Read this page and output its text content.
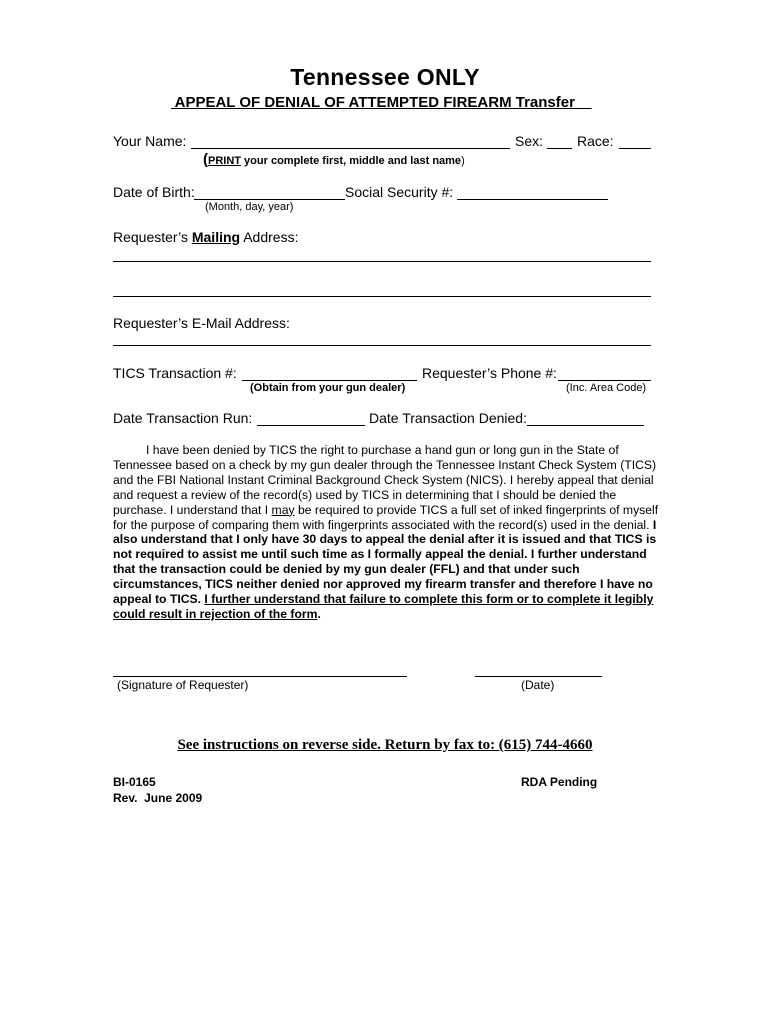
Tennessee ONLY
APPEAL OF DENIAL OF ATTEMPTED FIREARM Transfer
Your Name:	Sex: Race:
(PRINT your complete first, middle and last name)
Date of Birth:	Social Security #:
(Month, day, year)
Requester’s Mailing Address:
Requester’s E-Mail Address:
TICS Transaction #:	Requester’s Phone #:
(Obtain from your gun dealer)	(Inc. Area Code)
Date Transaction Run:	Date Transaction Denied:
I have been denied by TICS the right to purchase a hand gun or long gun in the State of Tennessee based on a check by my gun dealer through the Tennessee Instant Check System (TICS) and the FBI National Instant Criminal Background Check System (NICS). I hereby appeal that denial and request a review of the record(s) used by TICS in determining that I should be denied the purchase. I understand that I may be required to provide TICS a full set of inked fingerprints of myself for the purpose of comparing them with fingerprints associated with the record(s) used in the denial. I also understand that I only have 30 days to appeal the denial after it is issued and that TICS is not required to assist me until such time as I formally appeal the denial. I further understand that the transaction could be denied by my gun dealer (FFL) and that under such circumstances, TICS neither denied nor approved my firearm transfer and therefore I have no appeal to TICS. I further understand that failure to complete this form or to complete it legibly could result in rejection of the form.
(Signature of Requester)	(Date)
See instructions on reverse side. Return by fax to: (615) 744-4660
BI-0165
Rev.  June 2009
RDA Pending
